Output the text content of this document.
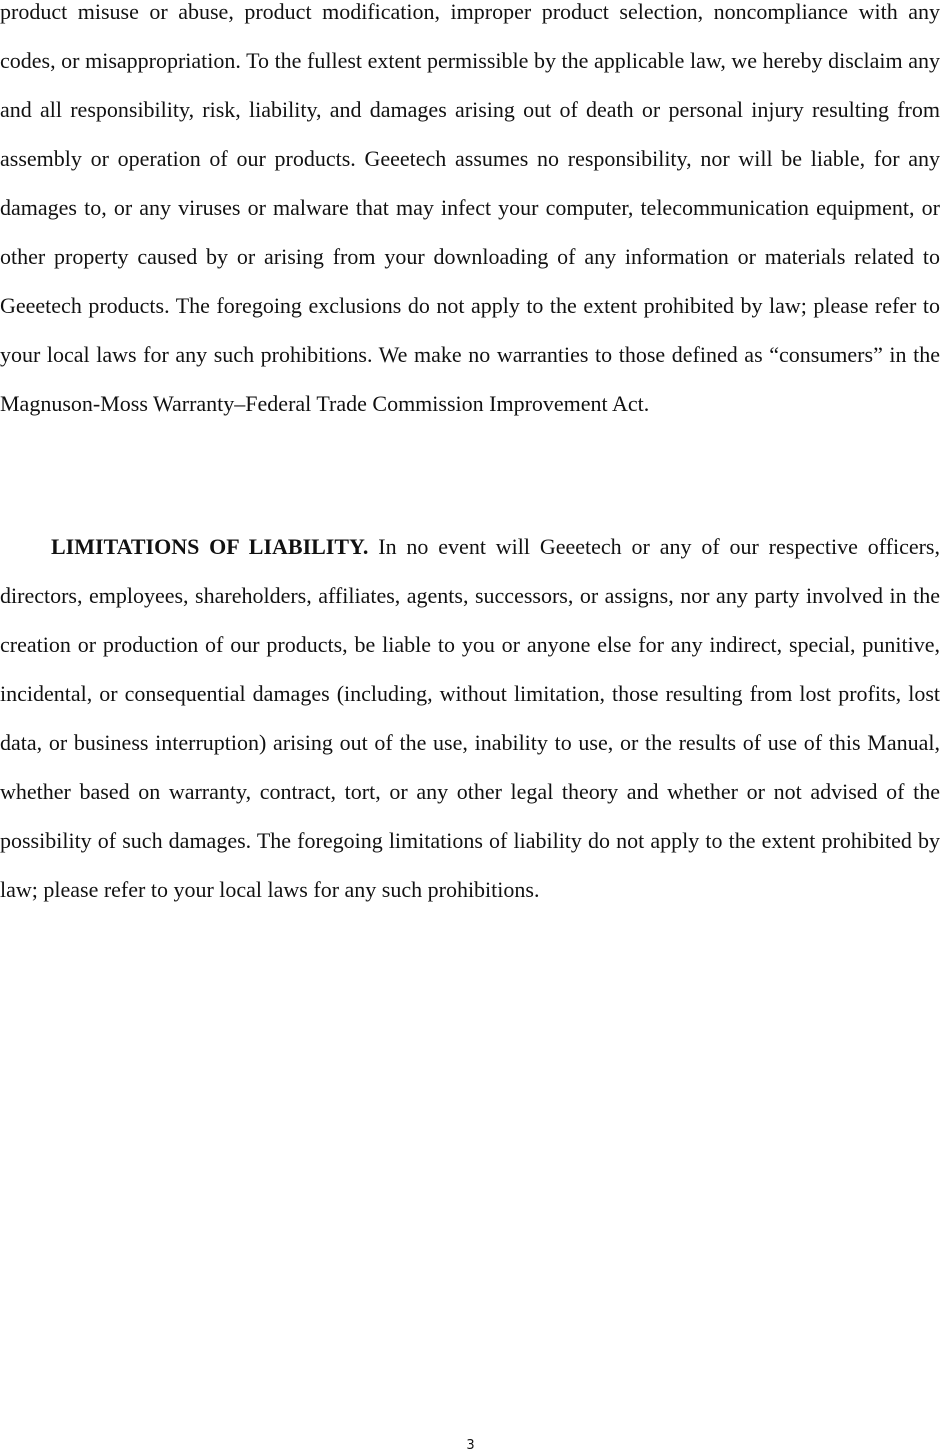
product misuse or abuse, product modification, improper product selection, noncompliance with any codes, or misappropriation. To the fullest extent permissible by the applicable law, we hereby disclaim any and all responsibility, risk, liability, and damages arising out of death or personal injury resulting from assembly or operation of our products. Geeetech assumes no responsibility, nor will be liable, for any damages to, or any viruses or malware that may infect your computer, telecommunication equipment, or other property caused by or arising from your downloading of any information or materials related to Geeetech products. The foregoing exclusions do not apply to the extent prohibited by law; please refer to your local laws for any such prohibitions. We make no warranties to those defined as “consumers” in the Magnuson-Moss Warranty–Federal Trade Commission Improvement Act.

LIMITATIONS OF LIABILITY. In no event will Geeetech or any of our respective officers, directors, employees, shareholders, affiliates, agents, successors, or assigns, nor any party involved in the creation or production of our products, be liable to you or anyone else for any indirect, special, punitive, incidental, or consequential damages (including, without limitation, those resulting from lost profits, lost data, or business interruption) arising out of the use, inability to use, or the results of use of this Manual, whether based on warranty, contract, tort, or any other legal theory and whether or not advised of the possibility of such damages. The foregoing limitations of liability do not apply to the extent prohibited by law; please refer to your local laws for any such prohibitions.

3
